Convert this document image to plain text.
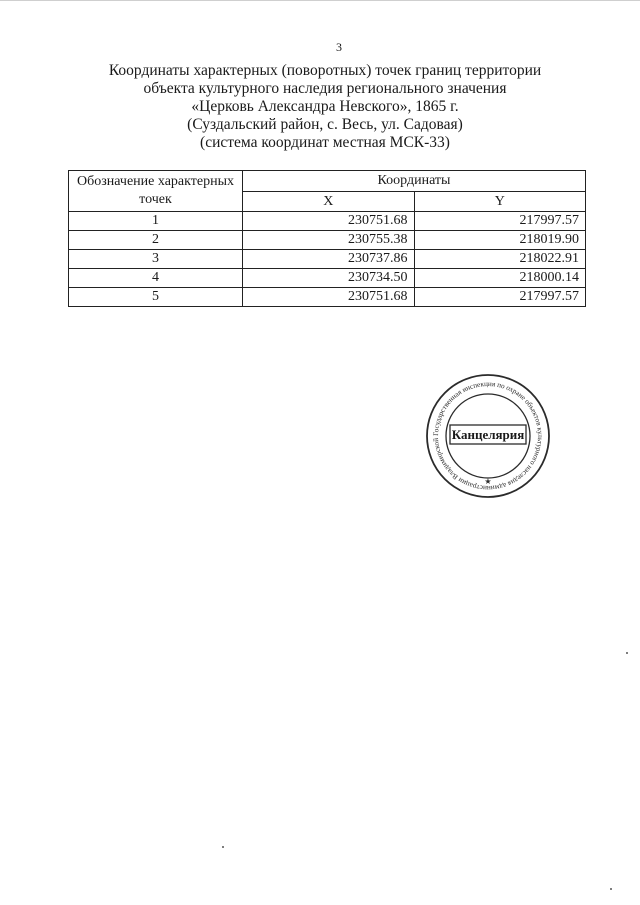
3
Координаты характерных (поворотных) точек границ территории
объекта культурного наследия регионального значения
«Церковь Александра Невского», 1865 г.
(Суздальский район, с. Весь, ул. Садовая)
(система координат местная МСК-33)
Обозначение характерных точек	Координаты	
	X	Y
1	230751.68	217997.57
2	230755.38	218019.90
3	230737.86	218022.91
4	230734.50	218000.14
5	230751.68	217997.57
Государственная инспекция по охране объектов культурного наследия администрации Владимирской Канцелярия
★
